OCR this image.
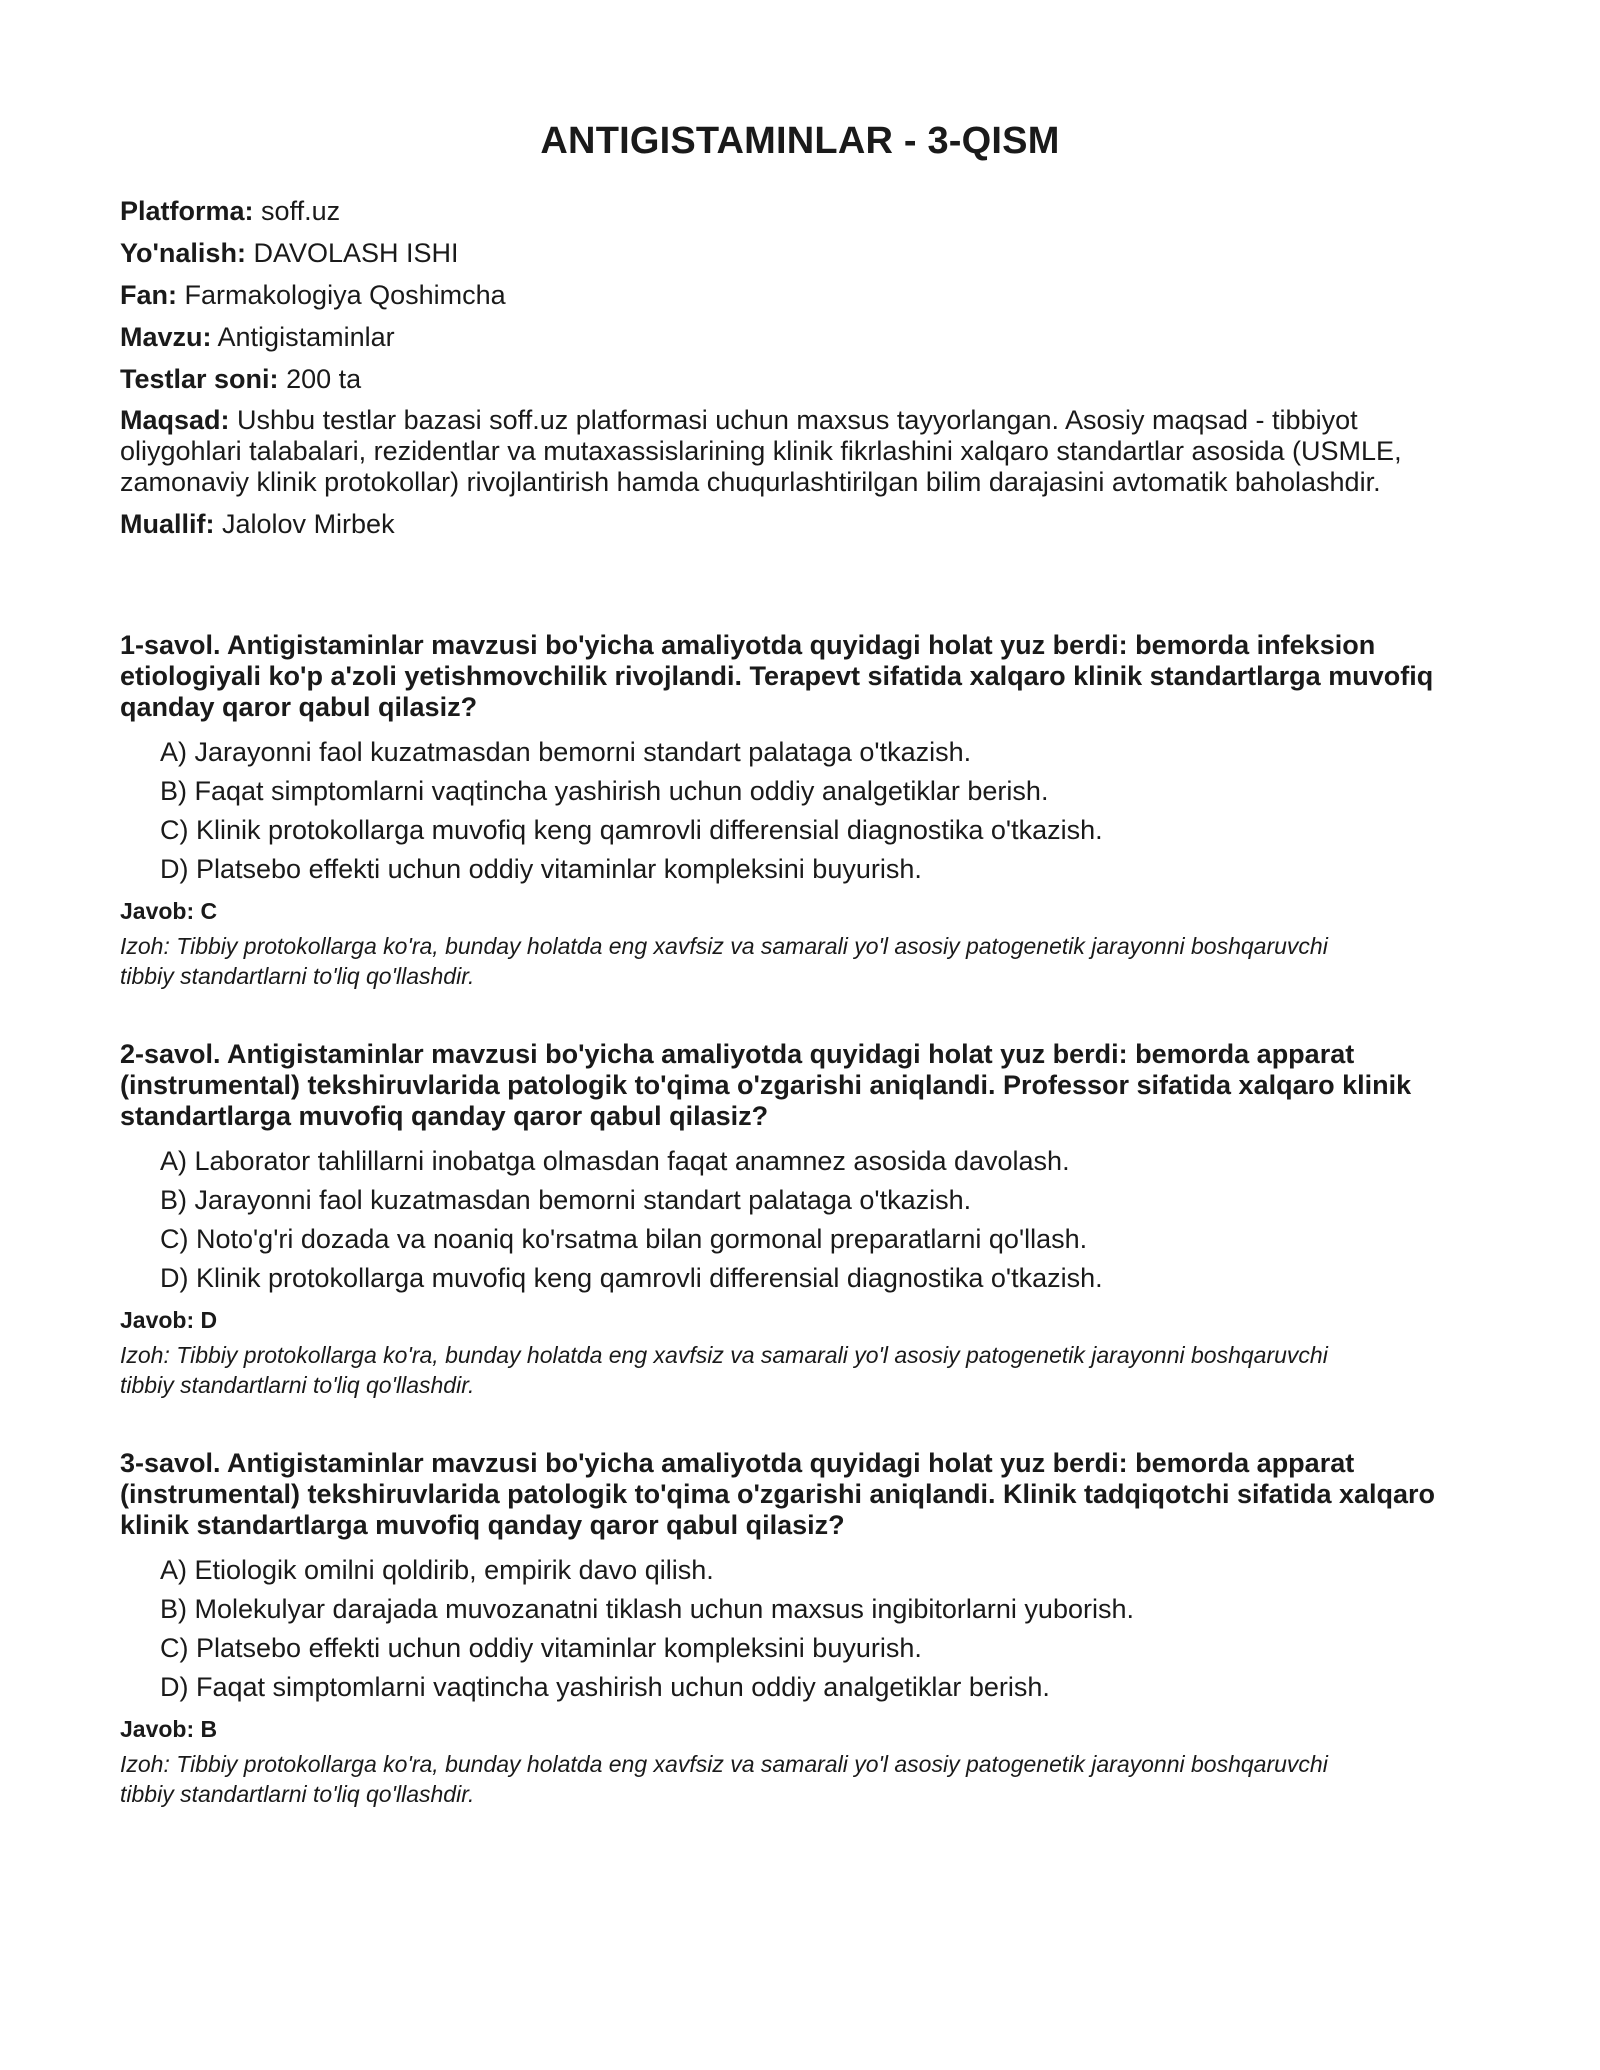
ANTIGISTAMINLAR - 3-QISM

Platforma: soff.uz

Yo'nalish: DAVOLASH ISHI

Fan: Farmakologiya Qoshimcha

Mavzu: Antigistaminlar

Testlar soni: 200 ta

Maqsad: Ushbu testlar bazasi soff.uz platformasi uchun maxsus tayyorlangan. Asosiy maqsad - tibbiyot oliygohlari talabalari, rezidentlar va mutaxassislarining klinik fikrlashini xalqaro standartlar asosida (USMLE, zamonaviy klinik protokollar) rivojlantirish hamda chuqurlashtirilgan bilim darajasini avtomatik baholashdir.

Muallif: Jalolov Mirbek

1-savol. Antigistaminlar mavzusi bo'yicha amaliyotda quyidagi holat yuz berdi: bemorda infeksion etiologiyali ko'p a'zoli yetishmovchilik rivojlandi. Terapevt sifatida xalqaro klinik standartlarga muvofiq qanday qaror qabul qilasiz?

A) Jarayonni faol kuzatmasdan bemorni standart palataga o'tkazish.
B) Faqat simptomlarni vaqtincha yashirish uchun oddiy analgetiklar berish.
C) Klinik protokollarga muvofiq keng qamrovli differensial diagnostika o'tkazish.
D) Platsebo effekti uchun oddiy vitaminlar kompleksini buyurish.

Javob: C

Izoh: Tibbiy protokollarga ko'ra, bunday holatda eng xavfsiz va samarali yo'l asosiy patogenetik jarayonni boshqaruvchi tibbiy standartlarni to'liq qo'llashdir.

2-savol. Antigistaminlar mavzusi bo'yicha amaliyotda quyidagi holat yuz berdi: bemorda apparat (instrumental) tekshiruvlarida patologik to'qima o'zgarishi aniqlandi. Professor sifatida xalqaro klinik standartlarga muvofiq qanday qaror qabul qilasiz?

A) Laborator tahlillarni inobatga olmasdan faqat anamnez asosida davolash.
B) Jarayonni faol kuzatmasdan bemorni standart palataga o'tkazish.
C) Noto'g'ri dozada va noaniq ko'rsatma bilan gormonal preparatlarni qo'llash.
D) Klinik protokollarga muvofiq keng qamrovli differensial diagnostika o'tkazish.

Javob: D

Izoh: Tibbiy protokollarga ko'ra, bunday holatda eng xavfsiz va samarali yo'l asosiy patogenetik jarayonni boshqaruvchi tibbiy standartlarni to'liq qo'llashdir.

3-savol. Antigistaminlar mavzusi bo'yicha amaliyotda quyidagi holat yuz berdi: bemorda apparat (instrumental) tekshiruvlarida patologik to'qima o'zgarishi aniqlandi. Klinik tadqiqotchi sifatida xalqaro klinik standartlarga muvofiq qanday qaror qabul qilasiz?

A) Etiologik omilni qoldirib, empirik davo qilish.
B) Molekulyar darajada muvozanatni tiklash uchun maxsus ingibitorlarni yuborish.
C) Platsebo effekti uchun oddiy vitaminlar kompleksini buyurish.
D) Faqat simptomlarni vaqtincha yashirish uchun oddiy analgetiklar berish.

Javob: B

Izoh: Tibbiy protokollarga ko'ra, bunday holatda eng xavfsiz va samarali yo'l asosiy patogenetik jarayonni boshqaruvchi tibbiy standartlarni to'liq qo'llashdir.
